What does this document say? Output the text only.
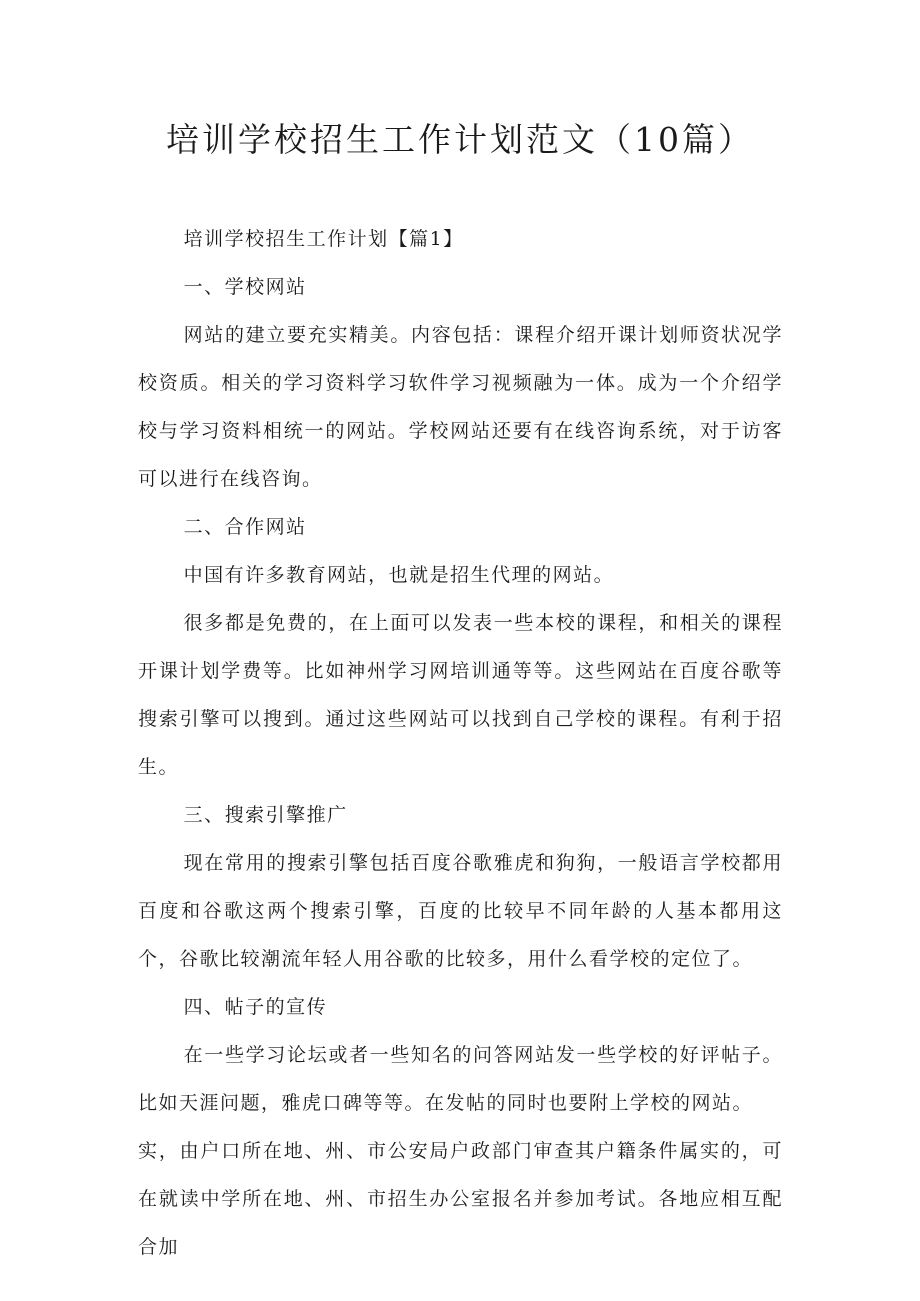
培训学校招生工作计划范文（10篇）

培训学校招生工作计划【篇1】

一、学校网站

网站的建立要充实精美。内容包括：课程介绍开课计划师资状况学校资质。相关的学习资料学习软件学习视频融为一体。成为一个介绍学校与学习资料相统一的网站。学校网站还要有在线咨询系统，对于访客可以进行在线咨询。

二、合作网站

中国有许多教育网站，也就是招生代理的网站。

很多都是免费的，在上面可以发表一些本校的课程，和相关的课程开课计划学费等。比如神州学习网培训通等等。这些网站在百度谷歌等搜索引擎可以搜到。通过这些网站可以找到自己学校的课程。有利于招生。

三、搜索引擎推广

现在常用的搜索引擎包括百度谷歌雅虎和狗狗，一般语言学校都用百度和谷歌这两个搜索引擎，百度的比较早不同年龄的人基本都用这个，谷歌比较潮流年轻人用谷歌的比较多，用什么看学校的定位了。

四、帖子的宣传

在一些学习论坛或者一些知名的问答网站发一些学校的好评帖子。比如天涯问题，雅虎口碑等等。在发帖的同时也要附上学校的网站。

实，由户口所在地、州、市公安局户政部门审查其户籍条件属实的，可在就读中学所在地、州、市招生办公室报名并参加考试。各地应相互配合加
